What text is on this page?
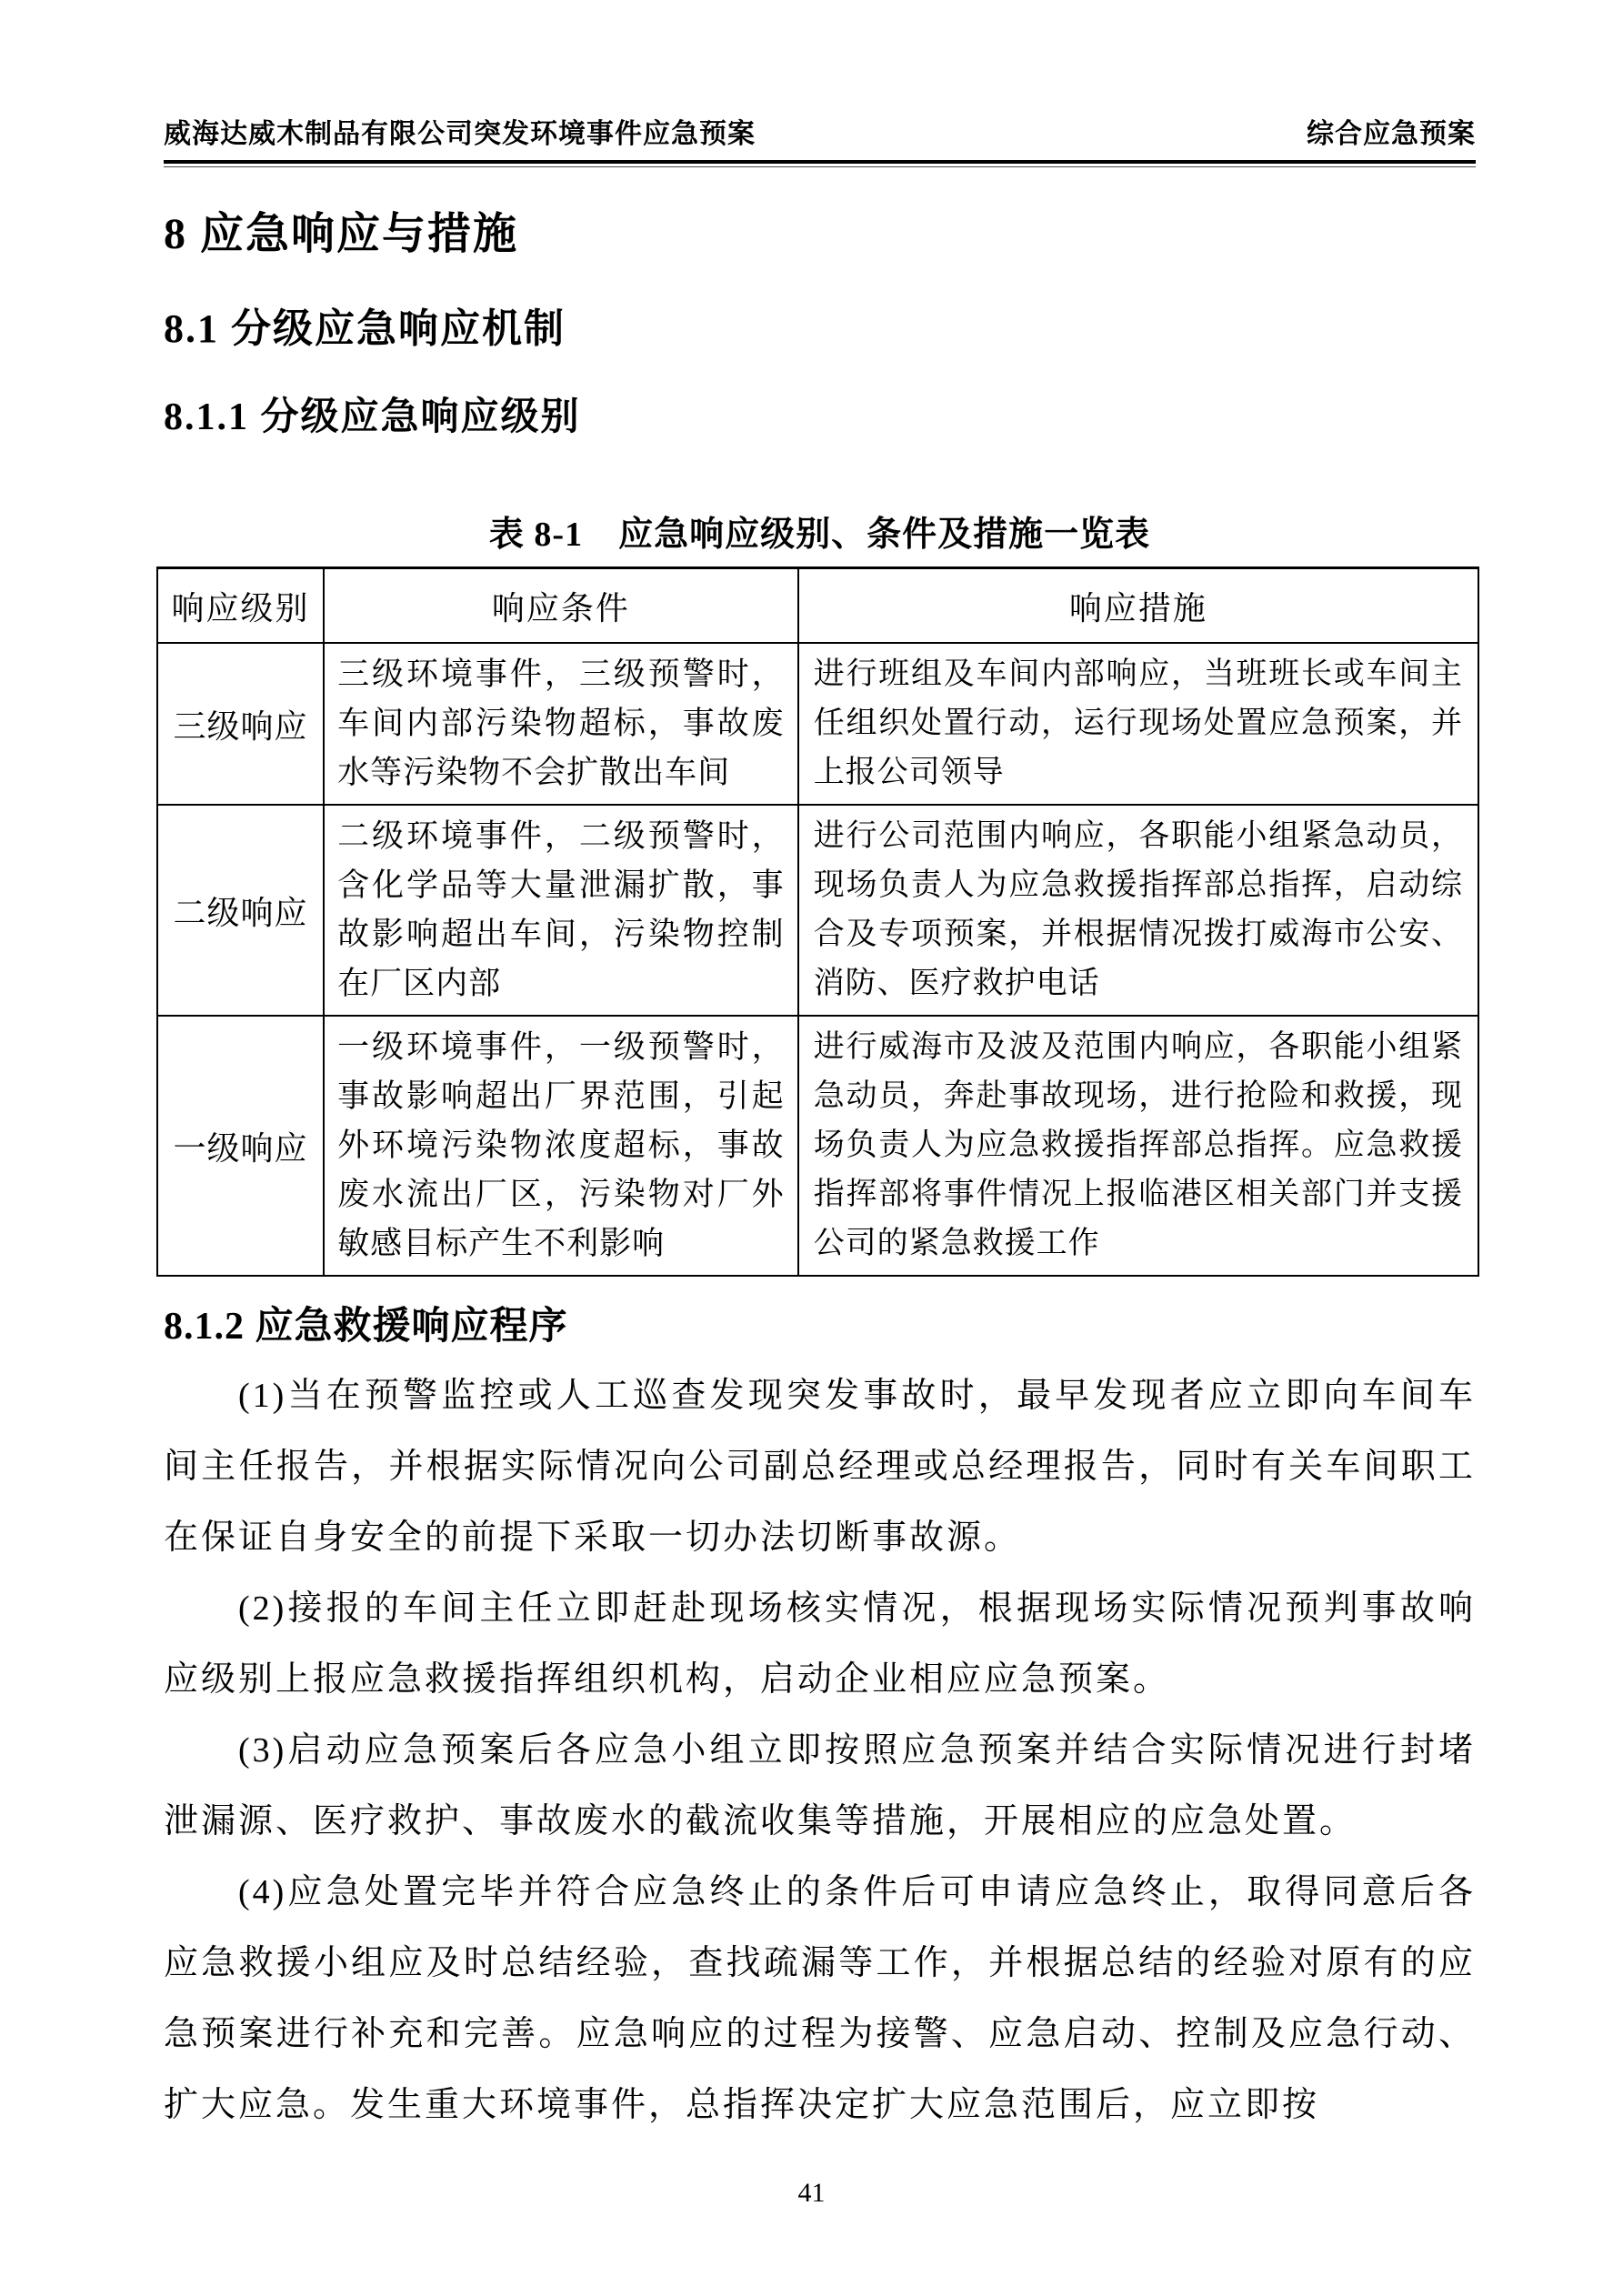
威海达威木制品有限公司突发环境事件应急预案	综合应急预案
8 应急响应与措施
8.1 分级应急响应机制
8.1.1 分级应急响应级别
表 8-1　应急响应级别、条件及措施一览表
响应级别	响应条件	响应措施
三级响应	三级环境事件，三级预警时，车间内部污染物超标，事故废水等污染物不会扩散出车间	进行班组及车间内部响应，当班班长或车间主任组织处置行动，运行现场处置应急预案，并上报公司领导
二级响应	二级环境事件，二级预警时，含化学品等大量泄漏扩散，事故影响超出车间，污染物控制在厂区内部	进行公司范围内响应，各职能小组紧急动员，现场负责人为应急救援指挥部总指挥，启动综合及专项预案，并根据情况拨打威海市公安、消防、医疗救护电话
一级响应	一级环境事件，一级预警时，事故影响超出厂界范围，引起外环境污染物浓度超标，事故废水流出厂区，污染物对厂外敏感目标产生不利影响	进行威海市及波及范围内响应，各职能小组紧急动员，奔赴事故现场，进行抢险和救援，现场负责人为应急救援指挥部总指挥。应急救援指挥部将事件情况上报临港区相关部门并支援公司的紧急救援工作
8.1.2 应急救援响应程序

(1)当在预警监控或人工巡查发现突发事故时，最早发现者应立即向车间车间主任报告，并根据实际情况向公司副总经理或总经理报告，同时有关车间职工在保证自身安全的前提下采取一切办法切断事故源。

(2)接报的车间主任立即赶赴现场核实情况，根据现场实际情况预判事故响应级别上报应急救援指挥组织机构，启动企业相应应急预案。

(3)启动应急预案后各应急小组立即按照应急预案并结合实际情况进行封堵泄漏源、医疗救护、事故废水的截流收集等措施，开展相应的应急处置。

(4)应急处置完毕并符合应急终止的条件后可申请应急终止，取得同意后各应急救援小组应及时总结经验，查找疏漏等工作，并根据总结的经验对原有的应急预案进行补充和完善。应急响应的过程为接警、应急启动、控制及应急行动、扩大应急。发生重大环境事件，总指挥决定扩大应急范围后，应立即按

41
